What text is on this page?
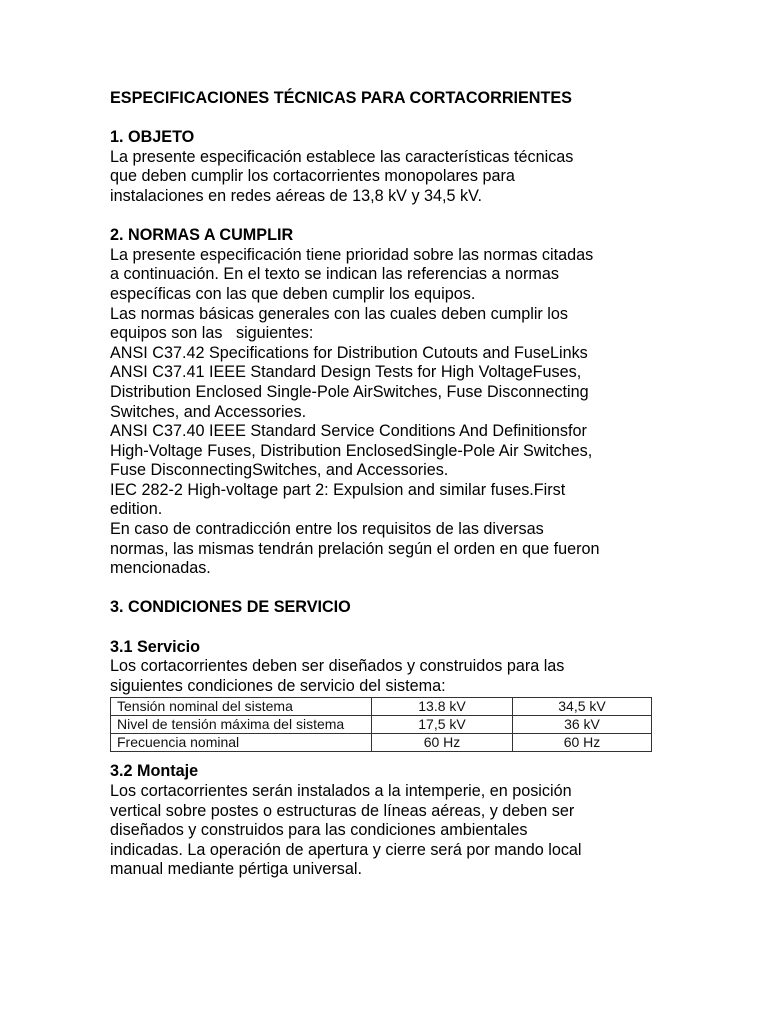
ESPECIFICACIONES TÉCNICAS PARA CORTACORRIENTES

1. OBJETO

La presente especificación establece las características técnicas

que deben cumplir los cortacorrientes monopolares para

instalaciones en redes aéreas de 13,8 kV y 34,5 kV.

2. NORMAS A CUMPLIR

La presente especificación tiene prioridad sobre las normas citadas

a continuación. En el texto se indican las referencias a normas

específicas con las que deben cumplir los equipos.

Las normas básicas generales con las cuales deben cumplir los

equipos son las   siguientes:

ANSI C37.42 Specifications for Distribution Cutouts and FuseLinks

ANSI C37.41 IEEE Standard Design Tests for High VoltageFuses,

Distribution Enclosed Single-Pole AirSwitches, Fuse Disconnecting

Switches, and Accessories.

ANSI C37.40 IEEE Standard Service Conditions And Definitionsfor

High-Voltage Fuses, Distribution EnclosedSingle-Pole Air Switches,

Fuse DisconnectingSwitches, and Accessories.

IEC 282-2 High-voltage part 2: Expulsion and similar fuses.First

edition.

En caso de contradicción entre los requisitos de las diversas

normas, las mismas tendrán prelación según el orden en que fueron

mencionadas.

3. CONDICIONES DE SERVICIO

3.1 Servicio

Los cortacorrientes deben ser diseñados y construidos para las

siguientes condiciones de servicio del sistema:

Tensión nominal del sistema	13.8 kV	34,5 kV
Nivel de tensión máxima del sistema	17,5 kV	36 kV
Frecuencia nominal	60 Hz	60 Hz

3.2 Montaje

Los cortacorrientes serán instalados a la intemperie, en posición

vertical sobre postes o estructuras de líneas aéreas, y deben ser

diseñados y construidos para las condiciones ambientales

indicadas. La operación de apertura y cierre será por mando local

manual mediante pértiga universal.
